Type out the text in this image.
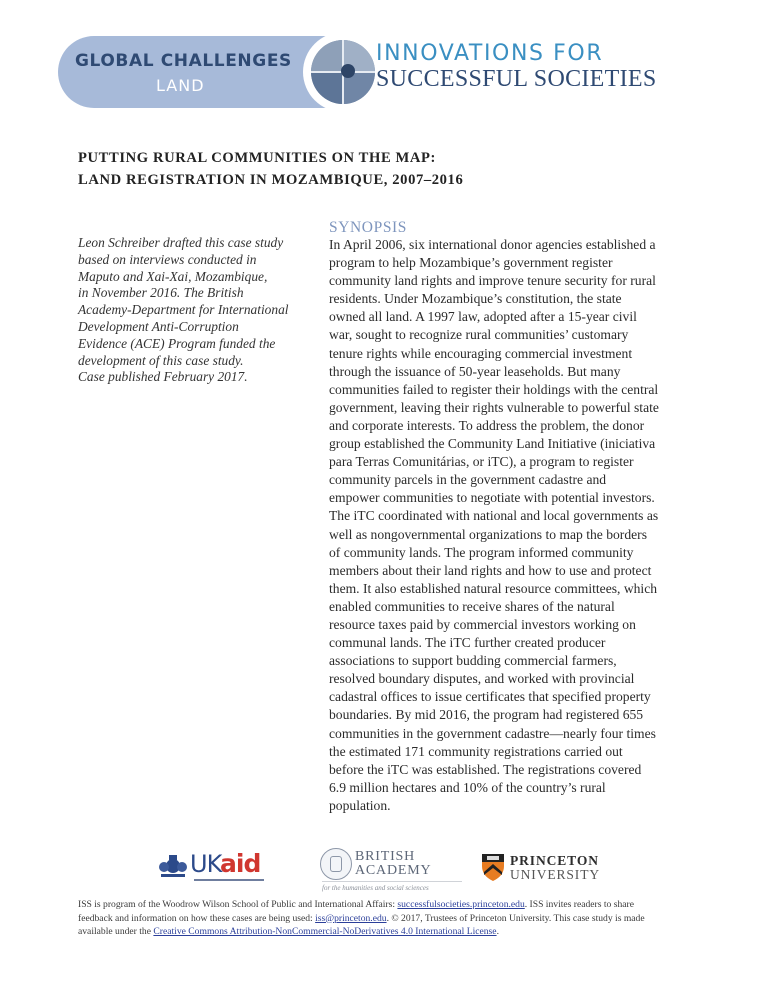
GLOBAL CHALLENGES
LAND
INNOVATIONS FOR
SUCCESSFUL SOCIETIES
PUTTING RURAL COMMUNITIES ON THE MAP:
LAND REGISTRATION IN MOZAMBIQUE, 2007–2016
Leon Schreiber drafted this case study
based on interviews conducted in
Maputo and Xai-Xai, Mozambique,
in November 2016. The British
Academy-Department for International
Development Anti-Corruption
Evidence (ACE) Program funded the
development of this case study.
Case published February 2017.
SYNOPSIS
In April 2006, six international donor agencies established a
program to help Mozambique’s government register
community land rights and improve tenure security for rural
residents. Under Mozambique’s constitution, the state
owned all land. A 1997 law, adopted after a 15-year civil
war, sought to recognize rural communities’ customary
tenure rights while encouraging commercial investment
through the issuance of 50-year leaseholds. But many
communities failed to register their holdings with the central
government, leaving their rights vulnerable to powerful state
and corporate interests. To address the problem, the donor
group established the Community Land Initiative (iniciativa
para Terras Comunitárias, or iTC), a program to register
community parcels in the government cadastre and
empower communities to negotiate with potential investors.
The iTC coordinated with national and local governments as
well as nongovernmental organizations to map the borders
of community lands. The program informed community
members about their land rights and how to use and protect
them. It also established natural resource committees, which
enabled communities to receive shares of the natural
resource taxes paid by commercial investors working on
communal lands. The iTC further created producer
associations to support budding commercial farmers,
resolved boundary disputes, and worked with provincial
cadastral offices to issue certificates that specified property
boundaries. By mid 2016, the program had registered 655
communities in the government cadastre—nearly four times
the estimated 171 community registrations carried out
before the iTC was established. The registrations covered
6.9 million hectares and 10% of the country’s rural
population.
UK
aid	BRITISH
ACADEMY
for the humanities and social sciences
PRINCETON
UNIVERSITY
ISS is program of the Woodrow Wilson School of Public and International Affairs: successfulsocieties.princeton.edu. ISS invites readers to share
feedback and information on how these cases are being used: iss@princeton.edu. © 2017, Trustees of Princeton University. This case study is made
available under the Creative Commons Attribution-NonCommercial-NoDerivatives 4.0 International License.
